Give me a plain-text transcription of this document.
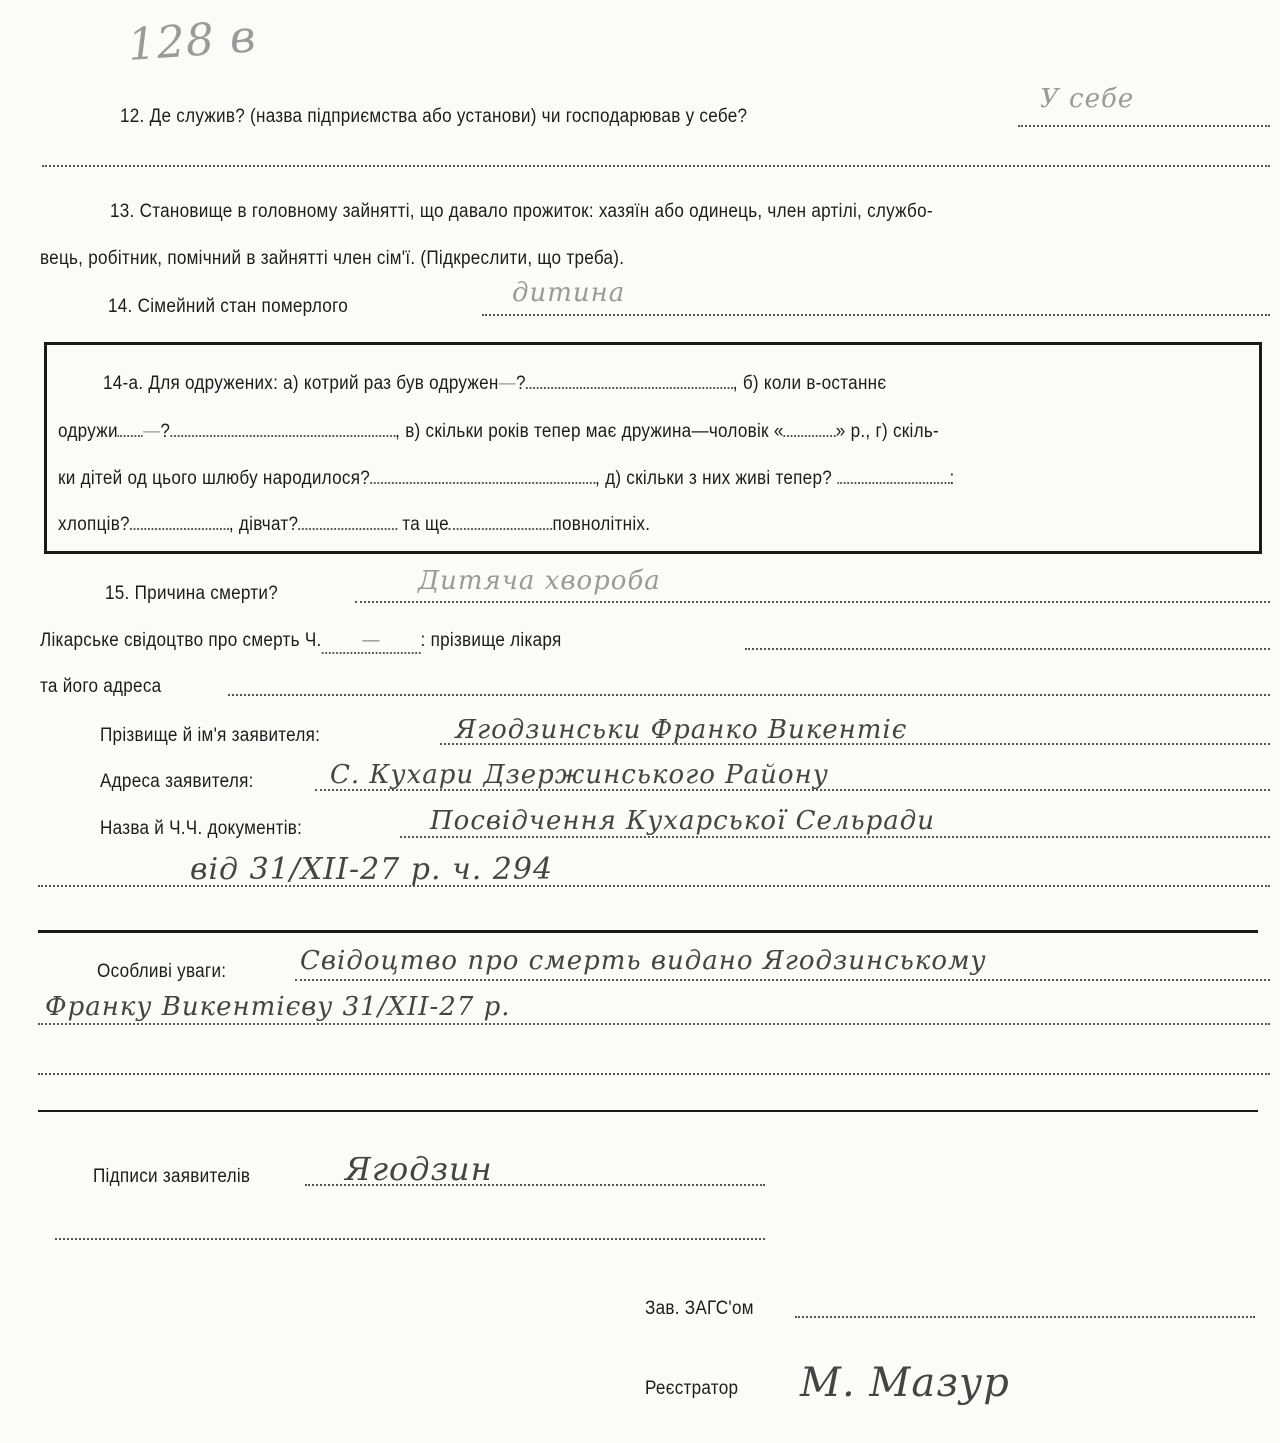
128 в
12. Де служив? (назва підприємства або установи) чи господарював у себе?
У себе
13. Становище в головному зайнятті, що давало прожиток: хазяїн або одинець, член артілі, службо-
вець, робітник, помічний в зайнятті член сім'ї. (Підкреслити, що треба).
14. Сімейний стан померлого	дитина
14-а. Для одружених: а) котрий раз був одружен—?	, б) коли в-останнє
одружи —?	, в) скільки років тепер має дружина—чоловік «	» р., г) скіль-
ки дітей од цього шлюбу народилося?	, д) скільки з них живі тепер?	:
хлопців?	, дівчат?	та ще	повнолітніх.
15. Причина смерти?	Дитяча хвороба
Лікарське свідоцтво про смерть Ч. — : прізвище лікаря
та його адреса
Прізвище й ім'я заявителя:	Ягодзинськи Франко Викентіє
Адреса заявителя:	С. Кухари Дзержинського Району
Назва й Ч.Ч. документів:	Посвідчення Кухарської Сельради
від 31/XII-27 р. ч. 294
Особливі уваги:	Свідоцтво про смерть видано Ягодзинському
Франку Викентієву 31/XII-27 р.
Підписи заявителів	Ягодзин
Зав. ЗАГС'ом
Реєстратор М. Мазур
